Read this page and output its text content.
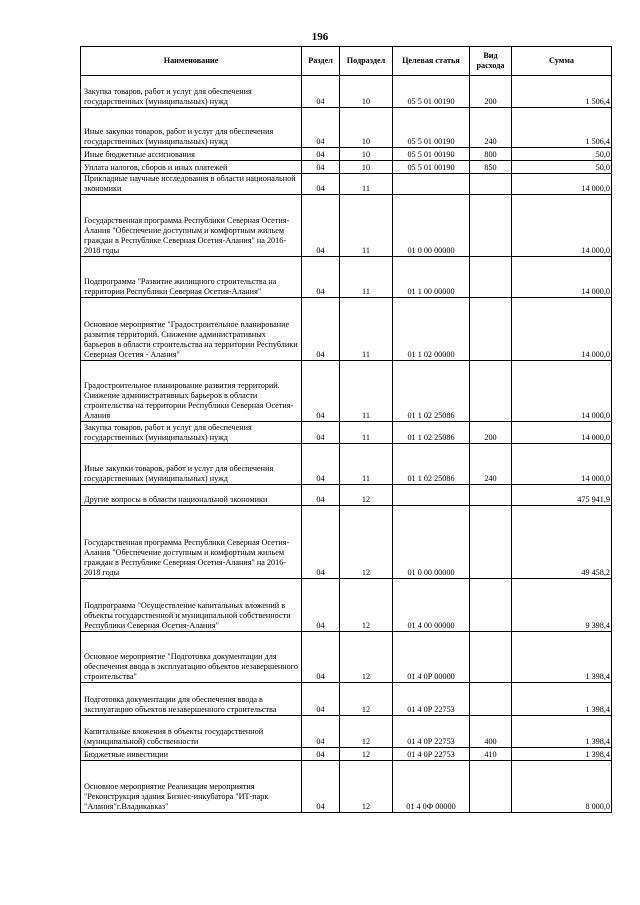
196
Наименование	Раздел	Подраздел	Целевая статья	Вид расхода	Сумма
Закупка товаров, работ и услуг для обеспечения государственных (муниципальных) нужд	04	10	05 5 01 00190	200	1 506,4
Иные закупки товаров, работ и услуг для обеспечения государственных (муниципальных) нужд	04	10	05 5 01 00190	240	1 506,4
Иные бюджетные ассигнования	04	10	05 5 01 00190	800	50,0
Уплата налогов, сборов и иных платежей	04	10	05 5 01 00190	850	50,0
Прикладные научные исследования в области национальной экономики	04	11			14 000,0
Государственная программа Республики Северная Осетия-Алания "Обеспечение доступным и комфортным жильем граждан в Республике Северная Осетия-Алания" на 2016-2018 годы	04	11	01 0 00 00000		14 000,0
Подпрограмма "Развитие жилищного строительства на территории Республики Северная Осетия-Алания"	04	11	01 1 00 00000		14 000,0
Основное мероприятие "Градостроительное планирование развития территорий. Снижение административных барьеров в области строительства на территории Республики Северная Осетия - Алания"	04	11	01 1 02 00000		14 000,0
Градостроительное планирование развития территорий. Снижение административных барьеров в области строительства на территории Республики Северная Осетия-Алания	04	11	01 1 02 25086		14 000,0
Закупка товаров, работ и услуг для обеспечения государственных (муниципальных) нужд	04	11	01 1 02 25086	200	14 000,0
Иные закупки товаров, работ и услуг для обеспечения государственных (муниципальных) нужд	04	11	01 1 02 25086	240	14 000,0
Другие вопросы в области национальной экономики	04	12			475 941,9
Государственная программа Республики Северная Осетия-Алания "Обеспечение доступным и комфортным жильем граждан в Республике Северная Осетия-Алания" на 2016-2018 годы	04	12	01 0 00 00000		49 458,2
Подпрограмма "Осуществление капитальных вложений в объекты государственной и муниципальной собственности Республики Северная Осетия-Алания"	04	12	01 4 00 00000		9 398,4
Основное мероприятие "Подготовка документации для обеспечения ввода в эксплуатацию объектов незавершенного строительства"	04	12	01 4 0Р 00000		1 398,4
Подготовка документации для обеспечения ввода в эксплуатацию объектов незавершенного строительства	04	12	01 4 0Р 22753		1 398,4
Капитальные вложения в объекты государственной (муниципальной) собственности	04	12	01 4 0Р 22753	400	1 398,4
Бюджетные инвестиции	04	12	01 4 0Р 22753	410	1 398,4
Основное мероприятие Реализация мероприятия "Реконструкция здания Бизнес-инкубатора "ИТ-парк "Алания"г.Владикавказ"	04	12	01 4 0Ф 00000		8 000,0
